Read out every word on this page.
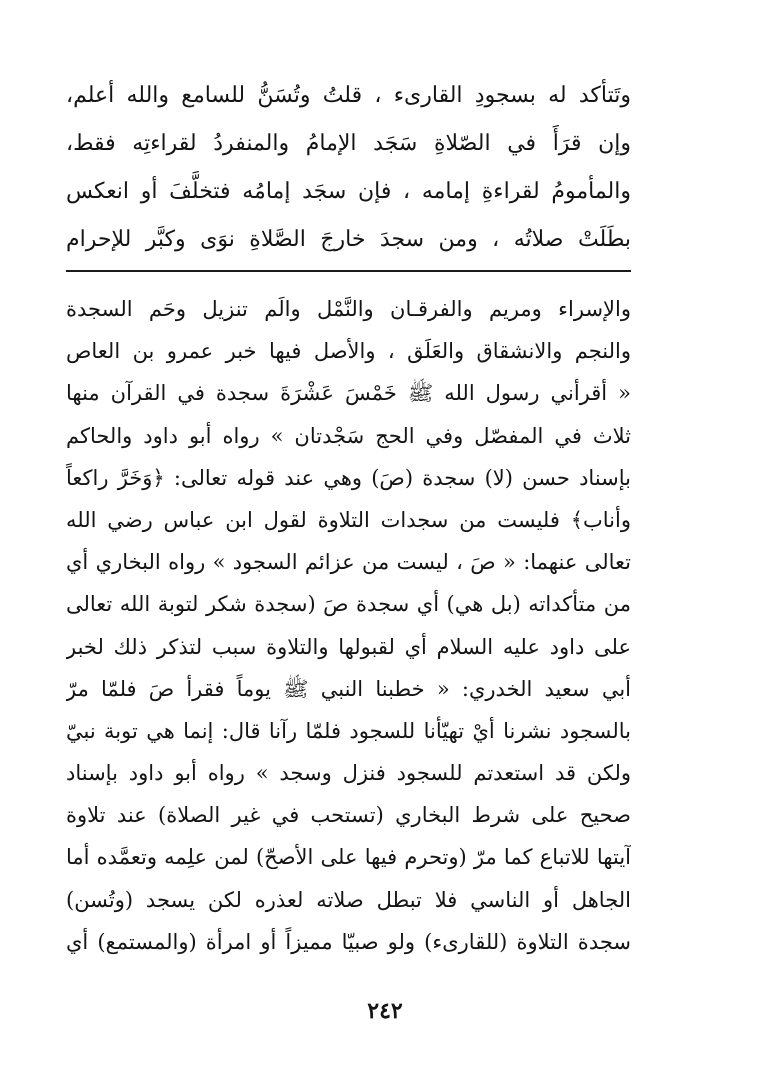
وتَتأكد له بسجودِ القارىء ، قلتُ وتُسَنُّ للسامع والله أعلم،
وإن قرَأَ في الصّلاةِ سَجَد الإمامُ والمنفردُ لقراءتِه فقط،
والمأمومُ لقراءةِ إمامه ، فإن سجَد إمامُه فتخلَّفَ أو انعكس
بطَلَتْ صلاتُه ، ومن سجدَ خارجَ الصَّلاةِ نوَى وكبَّر للإحرام
والإسراء ومريم والفرقـان والنَّمْل والَم تنزيل وحَم السجدة
والنجم والانشقاق والعَلَق ، والأصل فيها خبر عمرو بن العاص
« أقرأني رسول الله ﷺ خَمْسَ عَشْرَةَ سجدة في القرآن منها
ثلاث في المفصّل وفي الحج سَجْدتان » رواه أبو داود والحاكم
بإسناد حسن (لا) سجدة (صَ) وهي عند قوله تعالى: ﴿وَخَرَّ راكعاً
وأناب﴾ فليست من سجدات التلاوة لقول ابن عباس رضي الله
تعالى عنهما: « صَ ، ليست من عزائم السجود » رواه البخاري أي
من متأكداته (بل هي) أي سجدة صَ (سجدة شكر لتوبة الله تعالى
على داود عليه السلام أي لقبولها والتلاوة سبب لتذكر ذلك لخبر
أبي سعيد الخدري: « خطبنا النبي ﷺ يوماً فقرأ صَ فلمّا مرّ
بالسجود نشرنا أيْ تهيّأنا للسجود فلمّا رآنا قال: إنما هي توبة نبيّ
ولكن قد استعدتم للسجود فنزل وسجد » رواه أبو داود بإسناد
صحيح على شرط البخاري (تستحب في غير الصلاة) عند تلاوة
آيتها للاتباع كما مرّ (وتحرم فيها على الأصحّ) لمن علِمه وتعمَّده أما
الجاهل أو الناسي فلا تبطل صلاته لعذره لكن يسجد (وتُسن)
سجدة التلاوة (للقارىء) ولو صبيّا مميزاً أو امرأة (والمستمع) أي
٢٤٢
